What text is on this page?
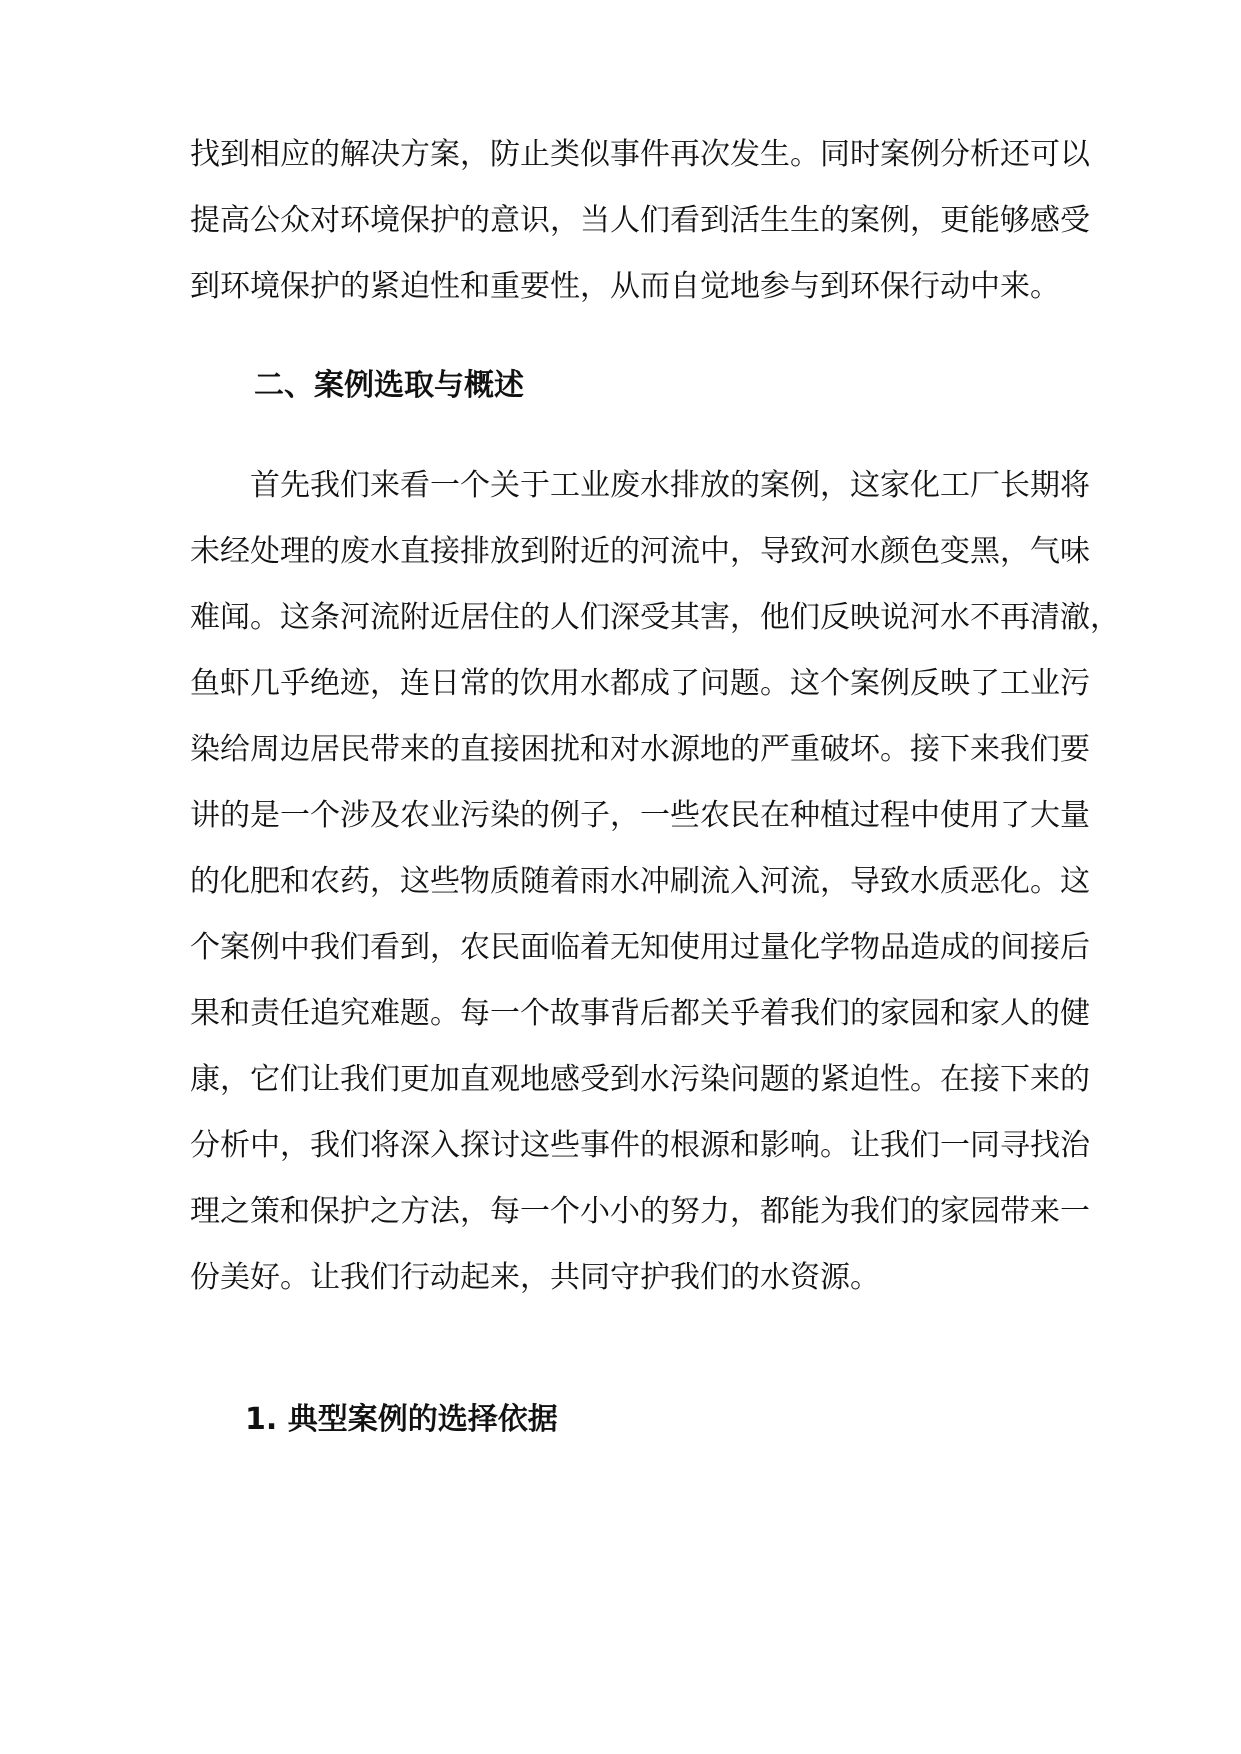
找到相应的解决方案，防止类似事件再次发生。同时案例分析还可以
提高公众对环境保护的意识，当人们看到活生生的案例，更能够感受
到环境保护的紧迫性和重要性，从而自觉地参与到环保行动中来。
二、案例选取与概述
首先我们来看一个关于工业废水排放的案例，这家化工厂长期将
未经处理的废水直接排放到附近的河流中，导致河水颜色变黑，气味
难闻。这条河流附近居住的人们深受其害，他们反映说河水不再清澈，
鱼虾几乎绝迹，连日常的饮用水都成了问题。这个案例反映了工业污
染给周边居民带来的直接困扰和对水源地的严重破坏。接下来我们要
讲的是一个涉及农业污染的例子，一些农民在种植过程中使用了大量
的化肥和农药，这些物质随着雨水冲刷流入河流，导致水质恶化。这
个案例中我们看到，农民面临着无知使用过量化学物品造成的间接后
果和责任追究难题。每一个故事背后都关乎着我们的家园和家人的健
康，它们让我们更加直观地感受到水污染问题的紧迫性。在接下来的
分析中，我们将深入探讨这些事件的根源和影响。让我们一同寻找治
理之策和保护之方法，每一个小小的努力，都能为我们的家园带来一
份美好。让我们行动起来，共同守护我们的水资源。
1. 典型案例的选择依据
